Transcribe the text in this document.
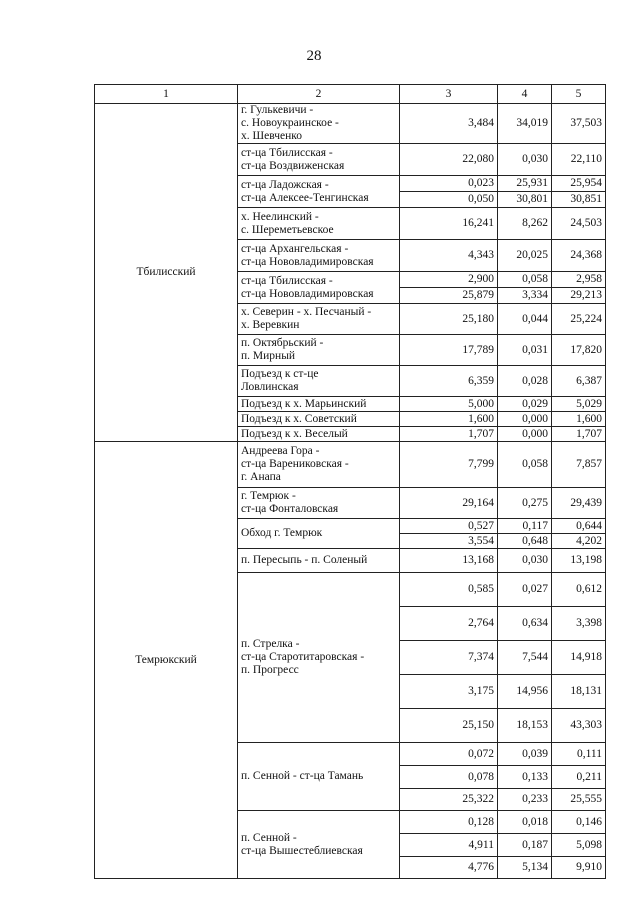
28
1	2	3	4	5
Тбилисский	г. Гулькевичи -
с. Новоукраинское -
х. Шевченко	3,484	34,019	37,503
	ст-ца Тбилисская -
ст-ца Воздвиженская	22,080	0,030	22,110
	ст-ца Ладожская -
ст-ца Алексее-Тенгинская	0,023	25,931	25,954
		0,050	30,801	30,851
	х. Неелинский -
с. Шереметьевское	16,241	8,262	24,503
	ст-ца Архангельская -
ст-ца Нововладимировская	4,343	20,025	24,368
	ст-ца Тбилисская -
ст-ца Нововладимировская	2,900	0,058	2,958
		25,879	3,334	29,213
	х. Северин - х. Песчаный -
х. Веревкин	25,180	0,044	25,224
	п. Октябрьский -
п. Мирный	17,789	0,031	17,820
	Подъезд к ст-це
Ловлинская	6,359	0,028	6,387
	Подъезд к х. Марьинский	5,000	0,029	5,029
	Подъезд к х. Советский	1,600	0,000	1,600
	Подъезд к х. Веселый	1,707	0,000	1,707
Темрюкский	Андреева Гора -
ст-ца Варениковская -
г. Анапа	7,799	0,058	7,857
	г. Темрюк -
ст-ца Фонталовская	29,164	0,275	29,439
	Обход г. Темрюк	0,527	0,117	0,644
		3,554	0,648	4,202
	п. Пересыпь - п. Соленый	13,168	0,030	13,198
	п. Стрелка -
ст-ца Старотитаровская -
п. Прогресс	0,585	0,027	0,612
		2,764	0,634	3,398
		7,374	7,544	14,918
		3,175	14,956	18,131
		25,150	18,153	43,303
	п. Сенной - ст-ца Тамань	0,072	0,039	0,111
		0,078	0,133	0,211
		25,322	0,233	25,555
	п. Сенной -
ст-ца Вышестеблиевская	0,128	0,018	0,146
		4,911	0,187	5,098
		4,776	5,134	9,910
